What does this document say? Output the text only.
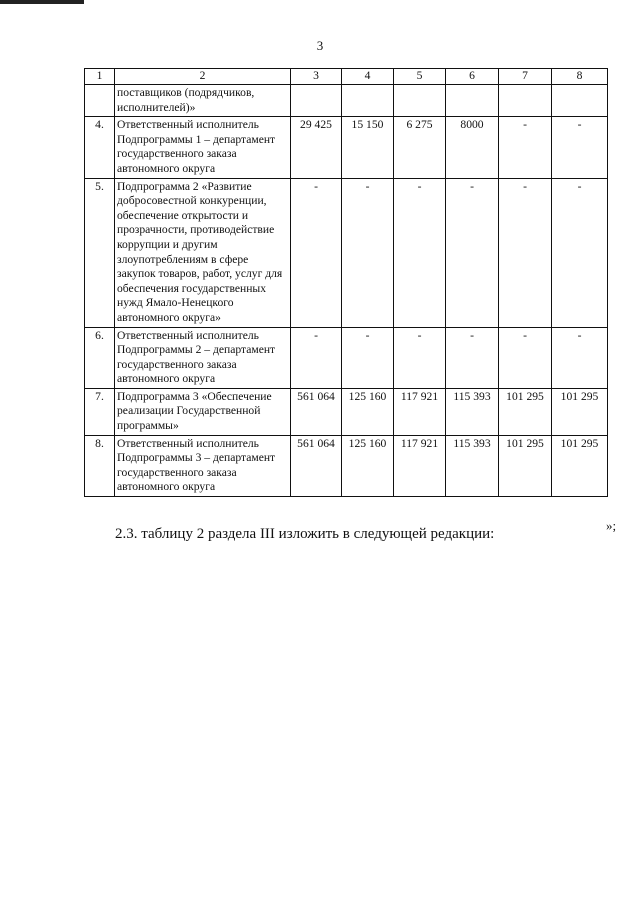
3
1	2	3	4	5	6	7	8
	поставщиков (подрядчиков, исполнителей)»						
4.	Ответственный исполнитель Подпрограммы 1 – департамент государственного заказа автономного округа	29 425	15 150	6 275	8000	-	-
5.	Подпрограмма 2 «Развитие добросовестной конкуренции, обеспечение открытости и прозрачности, противодействие коррупции и другим злоупотреблениям в сфере закупок товаров, работ, услуг для обеспечения государственных нужд Ямало-Ненецкого автономного округа»	-	-	-	-	-	-
6.	Ответственный исполнитель Подпрограммы 2 – департамент государственного заказа автономного округа	-	-	-	-	-	-
7.	Подпрограмма 3 «Обеспечение реализации Государственной программы»	561 064	125 160	117 921	115 393	101 295	101 295
8.	Ответственный исполнитель Подпрограммы 3 – департамент государственного заказа автономного округа	561 064	125 160	117 921	115 393	101 295	101 295
»;
2.3. таблицу 2 раздела III изложить в следующей редакции:
